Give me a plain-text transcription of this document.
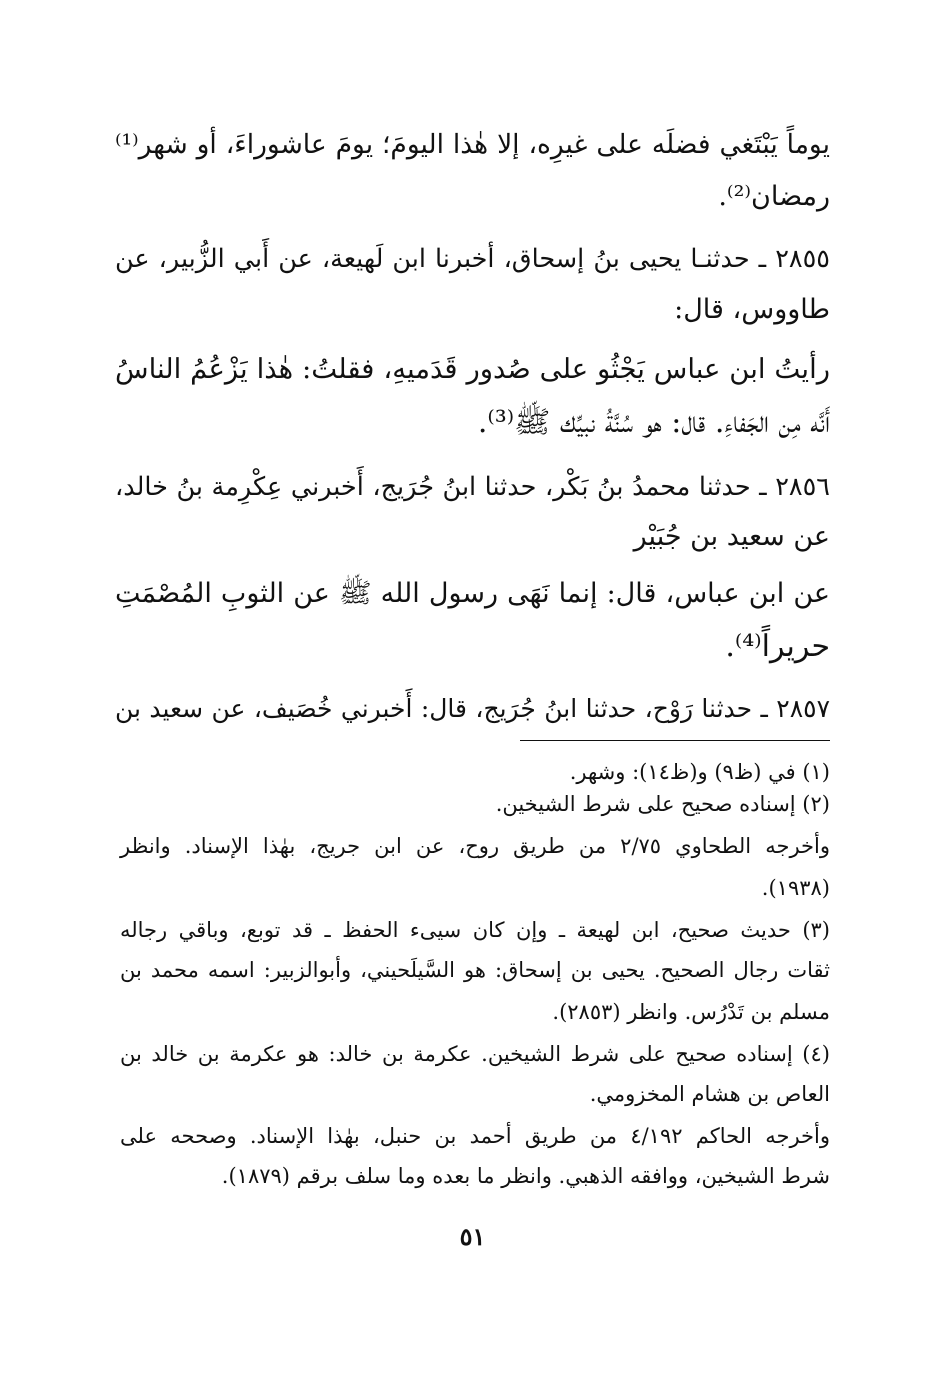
يوماً يَبْتَغي فضلَه على غيرِه، إلا هٰذا اليومَ؛ يومَ عاشوراءَ، أو شهر⁽¹⁾
رمضان⁽²⁾.
٢٨٥٥ ـ حدثنـا يحيى بنُ إسحاق، أخبرنا ابن لَهيعة، عن أَبي الزُّبير، عن
طاووس، قال:
رأيتُ ابن عباس يَجْثُو على صُدور قَدَميهِ، فقلتُ: هٰذا يَزْعُمُ الناسُ
أَنَّه مِن الجَفاءِ. قال: هو سُنَّةُ نبيِّك ﷺ⁽³⁾.
٢٨٥٦ ـ حدثنا محمدُ بنُ بَكْر، حدثنا ابنُ جُرَيج، أَخبرني عِكْرِمة بنُ خالد،
عن سعيد بن جُبَيْر
عن ابن عباس، قال: إنما نَهَى رسول الله ﷺ عن الثوبِ المُصْمَتِ
حريراً⁽⁴⁾.
٢٨٥٧ ـ حدثنا رَوْح، حدثنا ابنُ جُرَيج، قال: أَخبرني خُصَيف، عن سعيد بن
(١) في (ظ٩) و(ظ١٤): وشهر.
(٢) إسناده صحيح على شرط الشيخين.
وأخرجه الطحاوي ٢/٧٥ من طريق روح، عن ابن جريج، بهٰذا الإسناد. وانظر
(١٩٣٨).
(٣) حديث صحيح، ابن لهيعة ـ وإن كان سيىء الحفظ ـ قد توبع، وباقي رجاله
ثقات رجال الصحيح. يحيى بن إسحاق: هو السَّيلَحيني، وأبوالزبير: اسمه محمد بن
مسلم بن تَدْرُس. وانظر (٢٨٥٣).
(٤) إسناده صحيح على شرط الشيخين. عكرمة بن خالد: هو عكرمة بن خالد بن
العاص بن هشام المخزومي.
وأخرجه الحاكم ٤/١٩٢ من طريق أحمد بن حنبل، بهٰذا الإسناد. وصححه على
شرط الشيخين، ووافقه الذهبي. وانظر ما بعده وما سلف برقم (١٨٧٩).
٥١
